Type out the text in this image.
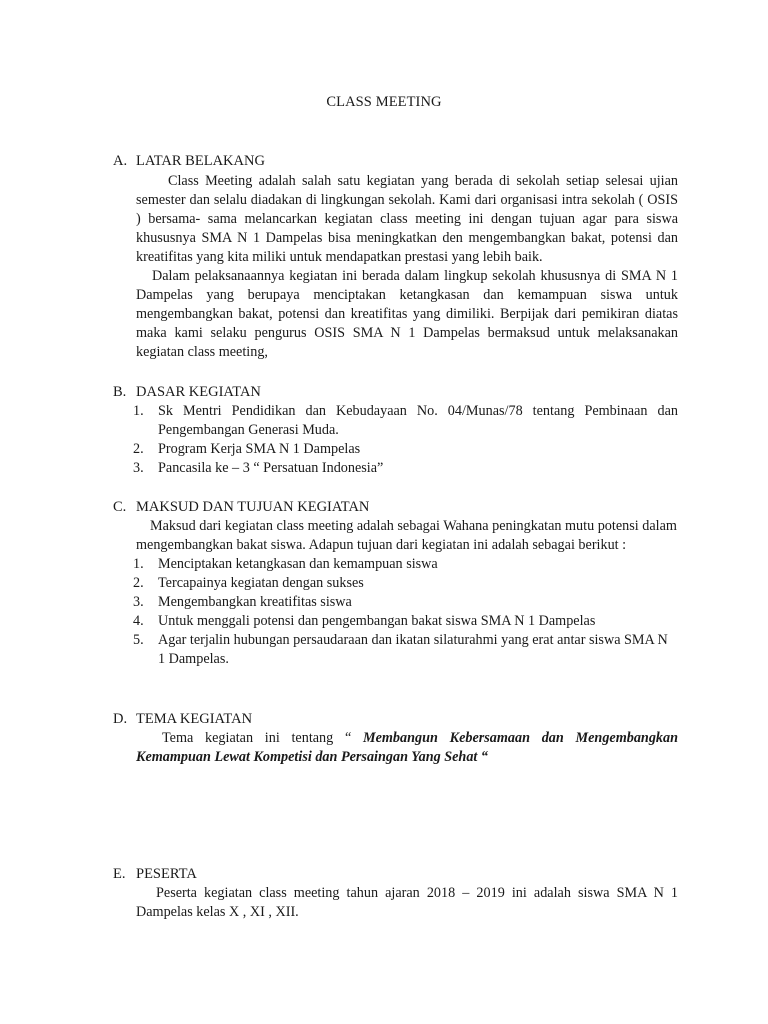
CLASS MEETING
A. LATAR BELAKANG

Class Meeting adalah salah satu kegiatan yang berada di sekolah setiap selesai ujian semester dan selalu diadakan di lingkungan sekolah. Kami dari organisasi intra sekolah ( OSIS ) bersama- sama melancarkan kegiatan class meeting ini dengan tujuan agar para siswa khususnya SMA N 1 Dampelas bisa meningkatkan den mengembangkan bakat, potensi dan kreatifitas yang kita miliki untuk mendapatkan prestasi yang lebih baik.

Dalam pelaksanaannya kegiatan ini berada dalam lingkup sekolah khususnya di SMA N 1 Dampelas yang berupaya menciptakan ketangkasan dan kemampuan siswa untuk mengembangkan bakat, potensi dan kreatifitas yang dimiliki. Berpijak dari pemikiran diatas maka kami selaku pengurus OSIS SMA N 1 Dampelas bermaksud untuk melaksanakan kegiatan class meeting,

B. DASAR KEGIATAN
1. Sk Mentri Pendidikan dan Kebudayaan No. 04/Munas/78 tentang Pembinaan dan Pengembangan Generasi Muda.
2. Program Kerja SMA N 1 Dampelas
3. Pancasila ke – 3 “ Persatuan Indonesia”
C. MAKSUD DAN TUJUAN KEGIATAN

Maksud dari kegiatan class meeting adalah sebagai Wahana peningkatan mutu potensi dalam mengembangkan bakat siswa. Adapun tujuan dari kegiatan ini adalah sebagai berikut :

1. Menciptakan ketangkasan dan kemampuan siswa
2. Tercapainya kegiatan dengan sukses
3. Mengembangkan kreatifitas siswa
4. Untuk menggali potensi dan pengembangan bakat siswa SMA N 1 Dampelas
5. Agar terjalin hubungan persaudaraan dan ikatan silaturahmi yang erat antar siswa SMA N 1 Dampelas.
D. TEMA KEGIATAN

Tema kegiatan ini tentang “ Membangun Kebersamaan dan Mengembangkan Kemampuan Lewat Kompetisi dan Persaingan Yang Sehat “

E. PESERTA

Peserta kegiatan class meeting tahun ajaran 2018 – 2019 ini adalah siswa SMA N 1 Dampelas kelas X , XI , XII.
